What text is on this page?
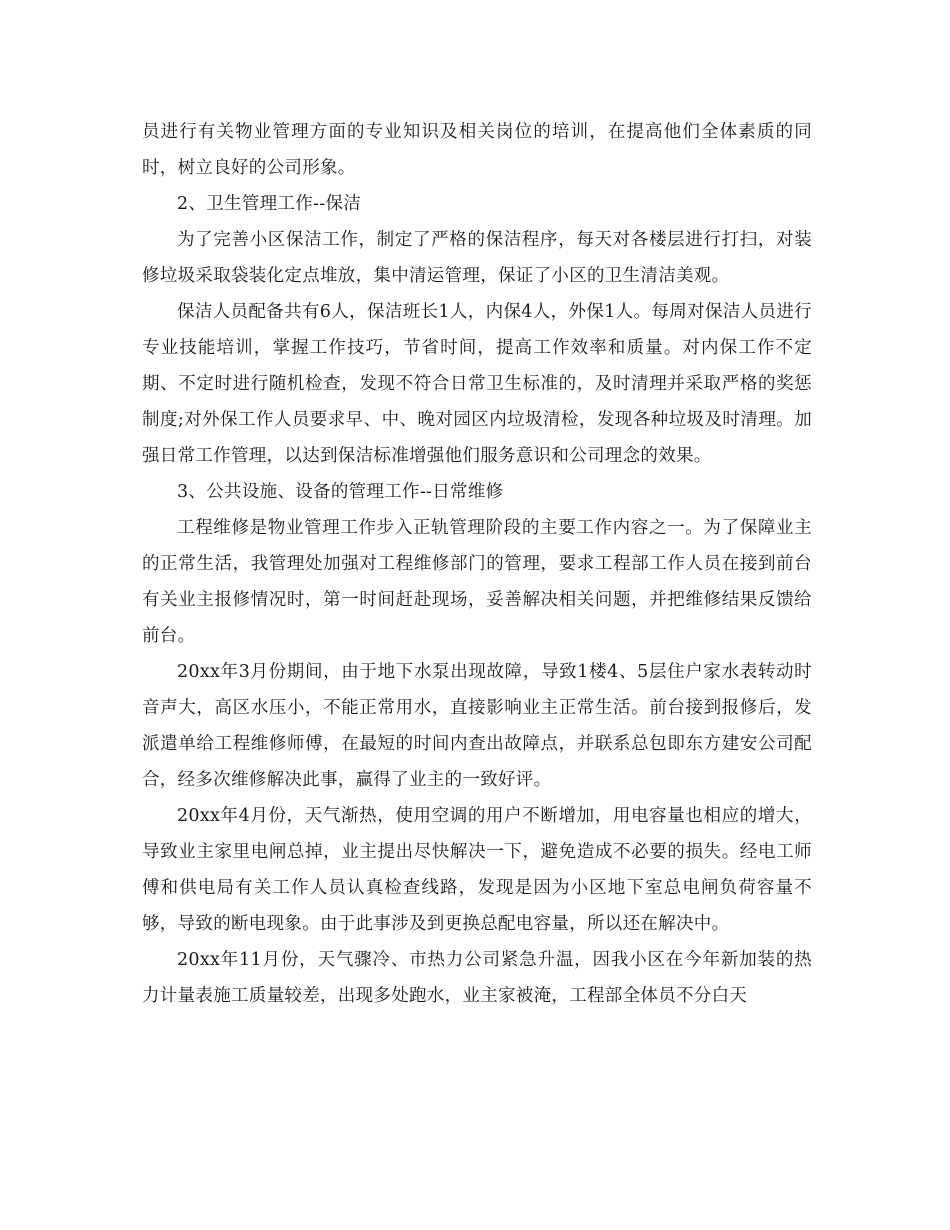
员进行有关物业管理方面的专业知识及相关岗位的培训，在提高他们全体素质的同时，树立良好的公司形象。

2、卫生管理工作--保洁

为了完善小区保洁工作，制定了严格的保洁程序，每天对各楼层进行打扫，对装修垃圾采取袋装化定点堆放，集中清运管理，保证了小区的卫生清洁美观。

保洁人员配备共有6人，保洁班长1人，内保4人，外保1人。每周对保洁人员进行专业技能培训，掌握工作技巧，节省时间，提高工作效率和质量。对内保工作不定期、不定时进行随机检查，发现不符合日常卫生标准的，及时清理并采取严格的奖惩制度;对外保工作人员要求早、中、晚对园区内垃圾清检，发现各种垃圾及时清理。加强日常工作管理，以达到保洁标准增强他们服务意识和公司理念的效果。

3、公共设施、设备的管理工作--日常维修

工程维修是物业管理工作步入正轨管理阶段的主要工作内容之一。为了保障业主的正常生活，我管理处加强对工程维修部门的管理，要求工程部工作人员在接到前台有关业主报修情况时，第一时间赶赴现场，妥善解决相关问题，并把维修结果反馈给前台。

20xx年3月份期间，由于地下水泵出现故障，导致1楼4、5层住户家水表转动时音声大，高区水压小，不能正常用水，直接影响业主正常生活。前台接到报修后，发派遣单给工程维修师傅，在最短的时间内查出故障点，并联系总包即东方建安公司配合，经多次维修解决此事，赢得了业主的一致好评。

20xx年4月份，天气渐热，使用空调的用户不断增加，用电容量也相应的增大，导致业主家里电闸总掉，业主提出尽快解决一下，避免造成不必要的损失。经电工师傅和供电局有关工作人员认真检查线路，发现是因为小区地下室总电闸负荷容量不够，导致的断电现象。由于此事涉及到更换总配电容量，所以还在解决中。

20xx年11月份，天气骤冷、市热力公司紧急升温，因我小区在今年新加装的热力计量表施工质量较差，出现多处跑水，业主家被淹，工程部全体员不分白天
